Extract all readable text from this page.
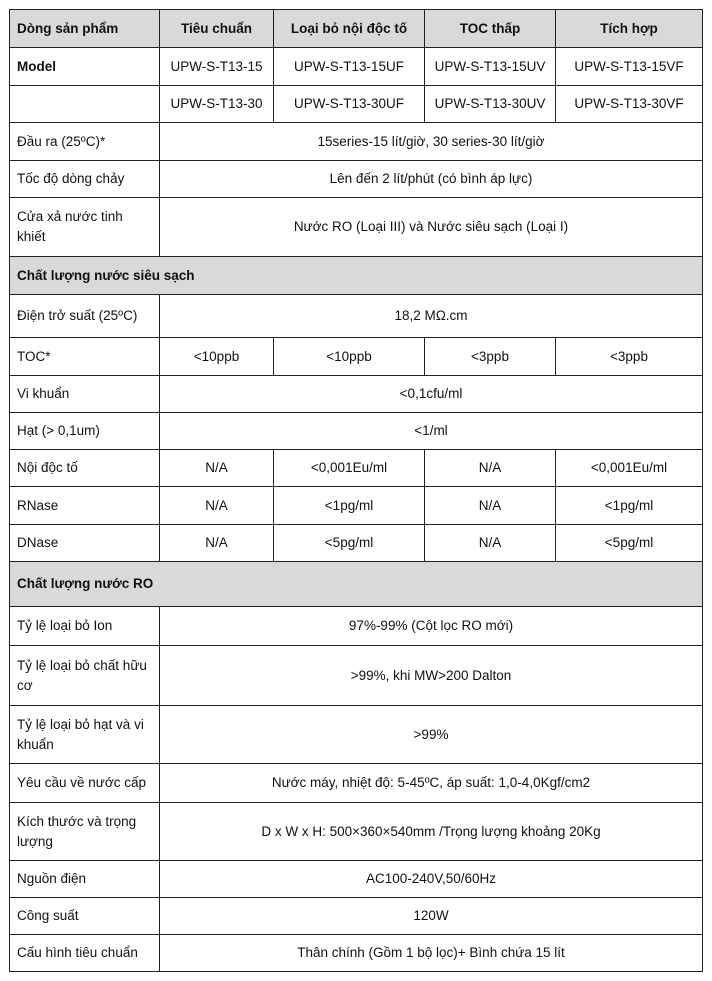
Dòng sản phẩm	Tiêu chuẩn	Loại bỏ nội độc tố	TOC thấp	Tích hợp
Model	UPW-S-T13-15	UPW-S-T13-15UF	UPW-S-T13-15UV	UPW-S-T13-15VF
	UPW-S-T13-30	UPW-S-T13-30UF	UPW-S-T13-30UV	UPW-S-T13-30VF
Đầu ra (25ºC)*	15series-15 lít/giờ, 30 series-30 lít/giờ			
Tốc độ dòng chảy	Lên đến 2 lít/phút (có bình áp lực)			
Cửa xả nước tinh khiết	Nước RO (Loại III) và Nước siêu sạch (Loại I)			
Chất lượng nước siêu sạch				
Điện trở suất (25ºC)	18,2 MΩ.cm			
TOC*	<10ppb	<10ppb	<3ppb	<3ppb
Vi khuẩn	<0,1cfu/ml			
Hạt (> 0,1um)	<1/ml			
Nội độc tố	N/A	<0,001Eu/ml	N/A	<0,001Eu/ml
RNase	N/A	<1pg/ml	N/A	<1pg/ml
DNase	N/A	<5pg/ml	N/A	<5pg/ml
Chất lượng nước RO				
Tỷ lệ loại bỏ Ion	97%-99% (Cột lọc RO mới)			
Tỷ lệ loại bỏ chất hữu cơ	>99%, khi MW>200 Dalton			
Tỷ lệ loại bỏ hạt và vi khuẩn	>99%			
Yêu cầu về nước cấp	Nước máy, nhiệt độ: 5-45ºC, áp suất: 1,0-4,0Kgf/cm2			
Kích thước và trọng lượng	D x W x H: 500×360×540mm /Trọng lượng khoảng 20Kg			
Nguồn điện	AC100-240V,50/60Hz			
Công suất	120W			
Cấu hình tiêu chuẩn	Thân chính (Gồm 1 bộ lọc)+ Bình chứa 15 lít			
